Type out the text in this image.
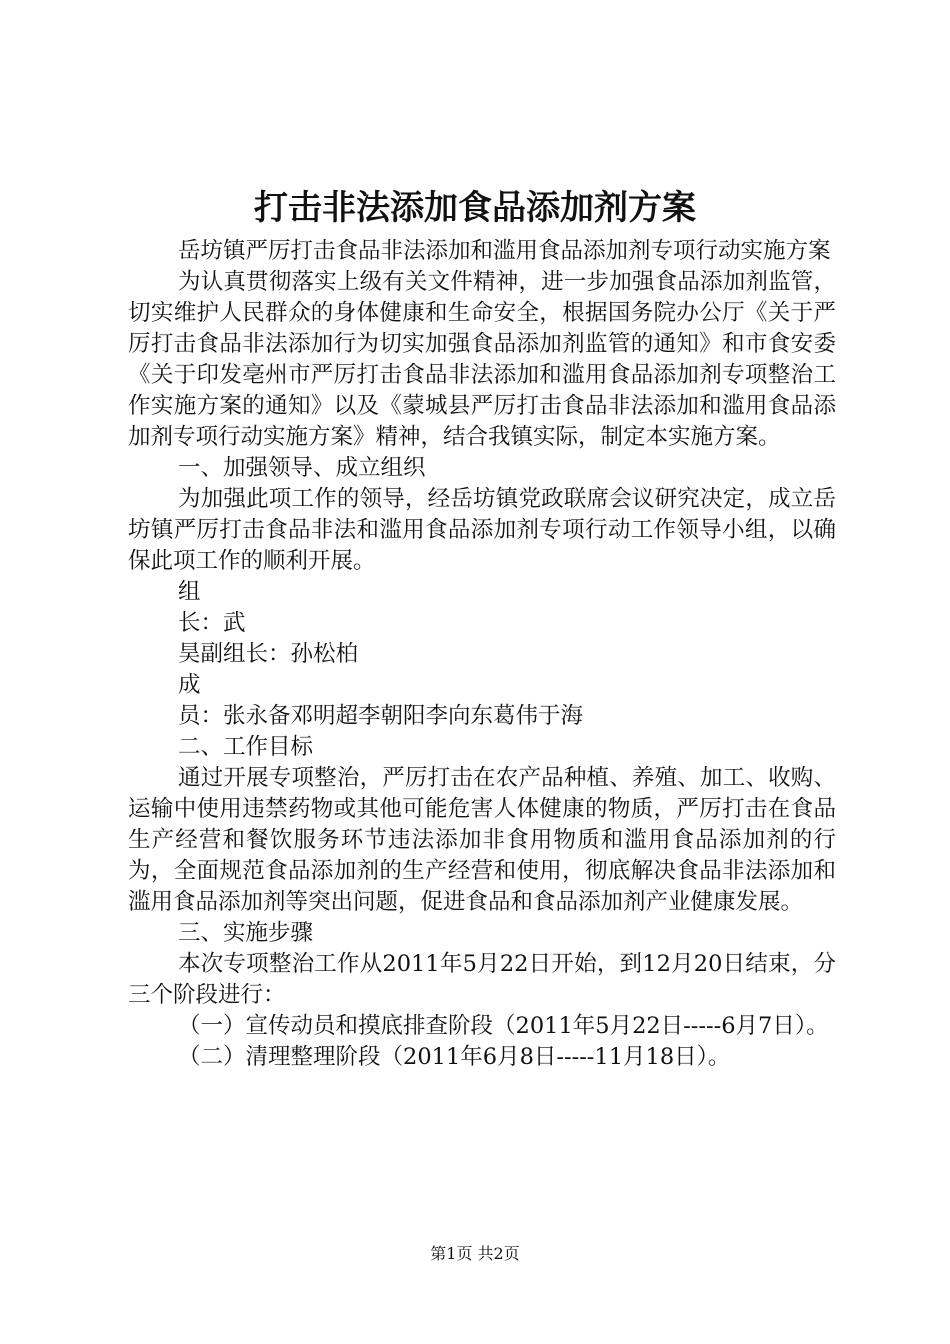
打击非法添加食品添加剂方案

岳坊镇严厉打击食品非法添加和滥用食品添加剂专项行动实施方案

为认真贯彻落实上级有关文件精神，进一步加强食品添加剂监管，切实维护人民群众的身体健康和生命安全，根据国务院办公厅《关于严厉打击食品非法添加行为切实加强食品添加剂监管的通知》和市食安委《关于印发亳州市严厉打击食品非法添加和滥用食品添加剂专项整治工作实施方案的通知》以及《蒙城县严厉打击食品非法添加和滥用食品添加剂专项行动实施方案》精神，结合我镇实际，制定本实施方案。

一、加强领导、成立组织

为加强此项工作的领导，经岳坊镇党政联席会议研究决定，成立岳坊镇严厉打击食品非法和滥用食品添加剂专项行动工作领导小组，以确保此项工作的顺利开展。

组

长：武

昊副组长：孙松柏

成

员：张永备邓明超李朝阳李向东葛伟于海

二、工作目标

通过开展专项整治，严厉打击在农产品种植、养殖、加工、收购、运输中使用违禁药物或其他可能危害人体健康的物质，严厉打击在食品生产经营和餐饮服务环节违法添加非食用物质和滥用食品添加剂的行为，全面规范食品添加剂的生产经营和使用，彻底解决食品非法添加和滥用食品添加剂等突出问题，促进食品和食品添加剂产业健康发展。

三、实施步骤

本次专项整治工作从2011年5月22日开始，到12月20日结束，分三个阶段进行：

（一）宣传动员和摸底排查阶段（2011年5月22日-----6月7日）。

（二）清理整理阶段（2011年6月8日-----11月18日）。

第1页 共2页
